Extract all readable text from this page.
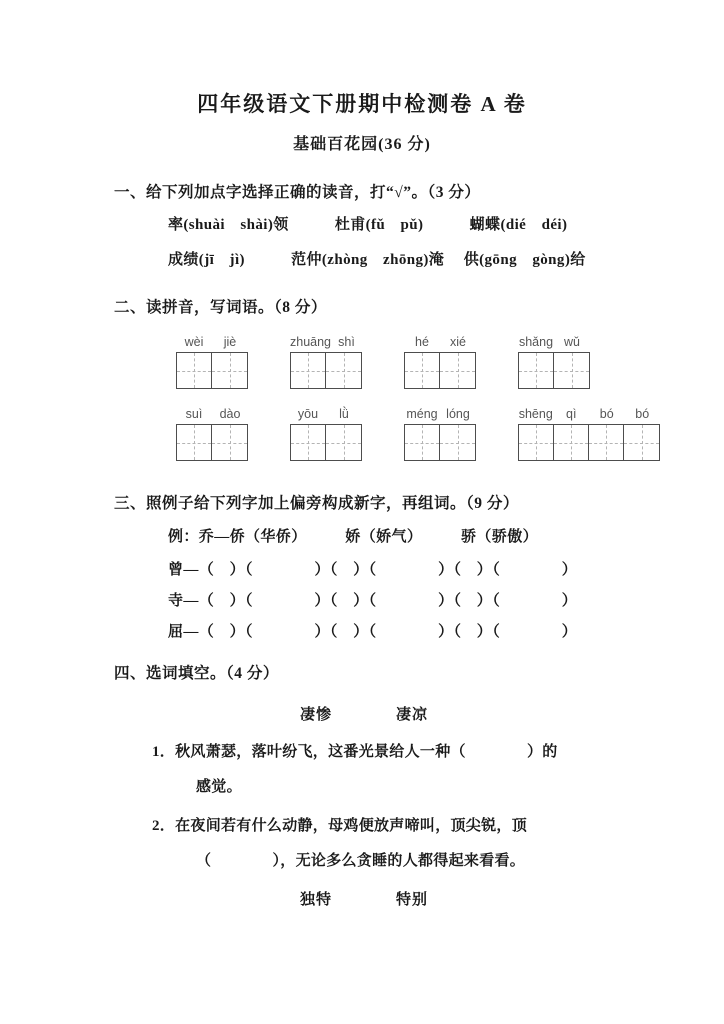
四年级语文下册期中检测卷 A 卷
基础百花园(36 分)
一、给下列加点字选择正确的读音，打“√”。（3 分）
率(shuài　shài)领　　　杜甫(fǔ　pǔ)　　　蝴蝶(dié　déi)
成绩(jī　jì)　　　范仲(zhòng　zhōng)淹　 供(gōng　gòng)给
二、读拼音，写词语。（8 分）
wèi	jiè	zhuāng shì	hé	xié	shǎng wǔ
suì	dào	yōu	lǜ	méng lóng	shēng	qì	bó	bó
三、照例子给下列字加上偏旁构成新字，再组词。（9 分）
例：乔—侨（华侨）　　　娇（娇气）　　　骄（骄傲）
曾—（　）（　　　　）（　）（　　　　）（　）（　　　　）
寺—（　）（　　　　）（　）（　　　　）（　）（　　　　）
屈—（　）（　　　　）（　）（　　　　）（　）（　　　　）
四、选词填空。（4 分）
凄惨　　　　凄凉
1．秋风萧瑟，落叶纷飞，这番光景给人一种（　　　　）的
感觉。
2．在夜间若有什么动静，母鸡便放声啼叫，顶尖锐，顶
（　　　　），无论多么贪睡的人都得起来看看。
独特　　　　特别
